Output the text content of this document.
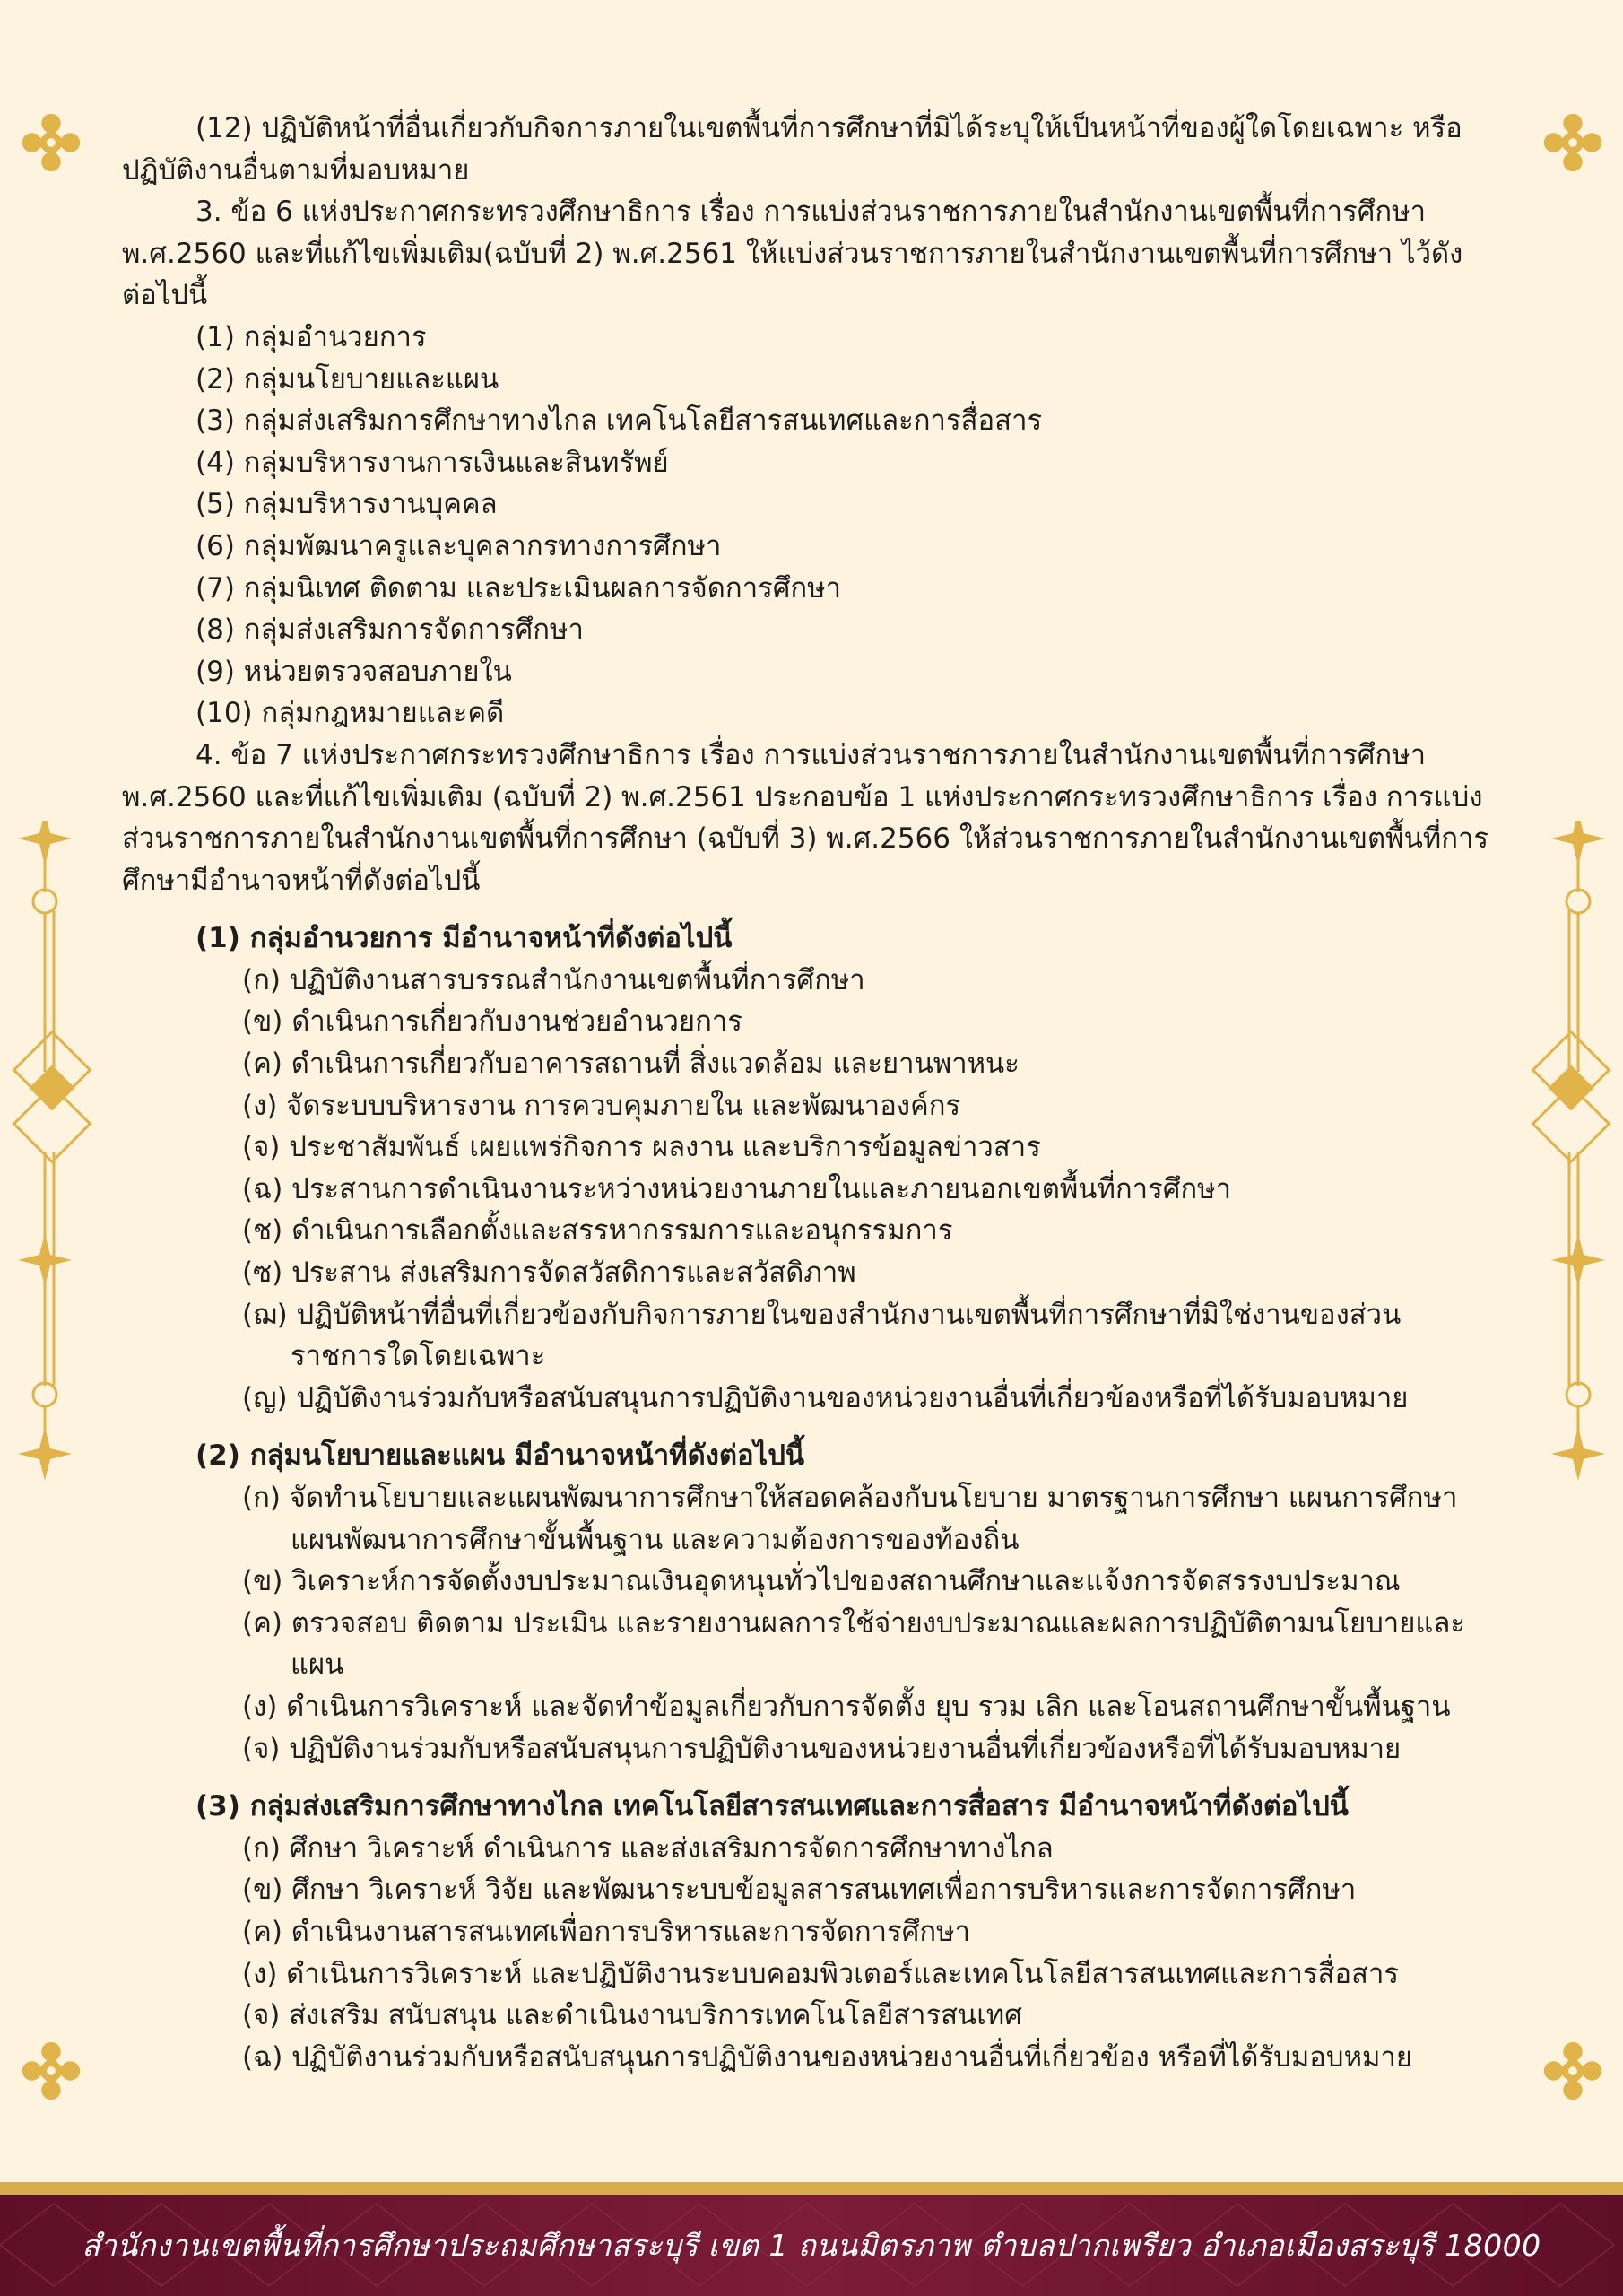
(12) ปฏิบัติหน้าที่อื่นเกี่ยวกับกิจการภายในเขตพื้นที่การศึกษาที่มิได้ระบุให้เป็นหน้าที่ของผู้ใดโดยเฉพาะ หรือปฏิบัติงานอื่นตามที่มอบหมาย

3. ข้อ 6 แห่งประกาศกระทรวงศึกษาธิการ เรื่อง การแบ่งส่วนราชการภายในสำนักงานเขตพื้นที่การศึกษา พ.ศ.2560 และที่แก้ไขเพิ่มเติม(ฉบับที่ 2) พ.ศ.2561 ให้แบ่งส่วนราชการภายในสำนักงานเขตพื้นที่การศึกษา ไว้ดังต่อไปนี้

(1) กลุ่มอำนวยการ
(2) กลุ่มนโยบายและแผน
(3) กลุ่มส่งเสริมการศึกษาทางไกล เทคโนโลยีสารสนเทศและการสื่อสาร
(4) กลุ่มบริหารงานการเงินและสินทรัพย์
(5) กลุ่มบริหารงานบุคคล
(6) กลุ่มพัฒนาครูและบุคลากรทางการศึกษา
(7) กลุ่มนิเทศ ติดตาม และประเมินผลการจัดการศึกษา
(8) กลุ่มส่งเสริมการจัดการศึกษา
(9) หน่วยตรวจสอบภายใน
(10) กลุ่มกฎหมายและคดี

4. ข้อ 7 แห่งประกาศกระทรวงศึกษาธิการ เรื่อง การแบ่งส่วนราชการภายในสำนักงานเขตพื้นที่การศึกษา พ.ศ.2560 และที่แก้ไขเพิ่มเติม (ฉบับที่ 2) พ.ศ.2561 ประกอบข้อ 1 แห่งประกาศกระทรวงศึกษาธิการ เรื่อง การแบ่งส่วนราชการภายในสำนักงานเขตพื้นที่การศึกษา (ฉบับที่ 3) พ.ศ.2566 ให้ส่วนราชการภายในสำนักงานเขตพื้นที่การศึกษามีอำนาจหน้าที่ดังต่อไปนี้

(1) กลุ่มอำนวยการ มีอำนาจหน้าที่ดังต่อไปนี้

(ก) ปฏิบัติงานสารบรรณสำนักงานเขตพื้นที่การศึกษา
(ข) ดำเนินการเกี่ยวกับงานช่วยอำนวยการ
(ค) ดำเนินการเกี่ยวกับอาคารสถานที่ สิ่งแวดล้อม และยานพาหนะ
(ง) จัดระบบบริหารงาน การควบคุมภายใน และพัฒนาองค์กร
(จ) ประชาสัมพันธ์ เผยแพร่กิจการ ผลงาน และบริการข้อมูลข่าวสาร
(ฉ) ประสานการดำเนินงานระหว่างหน่วยงานภายในและภายนอกเขตพื้นที่การศึกษา
(ช) ดำเนินการเลือกตั้งและสรรหากรรมการและอนุกรรมการ
(ซ) ประสาน ส่งเสริมการจัดสวัสดิการและสวัสดิภาพ
(ฌ) ปฏิบัติหน้าที่อื่นที่เกี่ยวข้องกับกิจการภายในของสำนักงานเขตพื้นที่การศึกษาที่มิใช่งานของส่วนราชการใดโดยเฉพาะ
(ญ) ปฏิบัติงานร่วมกับหรือสนับสนุนการปฏิบัติงานของหน่วยงานอื่นที่เกี่ยวข้องหรือที่ได้รับมอบหมาย

(2) กลุ่มนโยบายและแผน มีอำนาจหน้าที่ดังต่อไปนี้

(ก) จัดทำนโยบายและแผนพัฒนาการศึกษาให้สอดคล้องกับนโยบาย มาตรฐานการศึกษา แผนการศึกษาแผนพัฒนาการศึกษาขั้นพื้นฐาน และความต้องการของท้องถิ่น
(ข) วิเคราะห์การจัดตั้งงบประมาณเงินอุดหนุนทั่วไปของสถานศึกษาและแจ้งการจัดสรรงบประมาณ
(ค) ตรวจสอบ ติดตาม ประเมิน และรายงานผลการใช้จ่ายงบประมาณและผลการปฏิบัติตามนโยบายและแผน
(ง) ดำเนินการวิเคราะห์ และจัดทำข้อมูลเกี่ยวกับการจัดตั้ง ยุบ รวม เลิก และโอนสถานศึกษาขั้นพื้นฐาน
(จ) ปฏิบัติงานร่วมกับหรือสนับสนุนการปฏิบัติงานของหน่วยงานอื่นที่เกี่ยวข้องหรือที่ได้รับมอบหมาย

(3) กลุ่มส่งเสริมการศึกษาทางไกล เทคโนโลยีสารสนเทศและการสื่อสาร มีอำนาจหน้าที่ดังต่อไปนี้

(ก) ศึกษา วิเคราะห์ ดำเนินการ และส่งเสริมการจัดการศึกษาทางไกล
(ข) ศึกษา วิเคราะห์ วิจัย และพัฒนาระบบข้อมูลสารสนเทศเพื่อการบริหารและการจัดการศึกษา
(ค) ดำเนินงานสารสนเทศเพื่อการบริหารและการจัดการศึกษา
(ง) ดำเนินการวิเคราะห์ และปฏิบัติงานระบบคอมพิวเตอร์และเทคโนโลยีสารสนเทศและการสื่อสาร
(จ) ส่งเสริม สนับสนุน และดำเนินงานบริการเทคโนโลยีสารสนเทศ
(ฉ) ปฏิบัติงานร่วมกับหรือสนับสนุนการปฏิบัติงานของหน่วยงานอื่นที่เกี่ยวข้อง หรือที่ได้รับมอบหมาย
สำนักงานเขตพื้นที่การศึกษาประถมศึกษาสระบุรี เขต 1 ถนนมิตรภาพ ตำบลปากเพรียว อำเภอเมืองสระบุรี 18000
